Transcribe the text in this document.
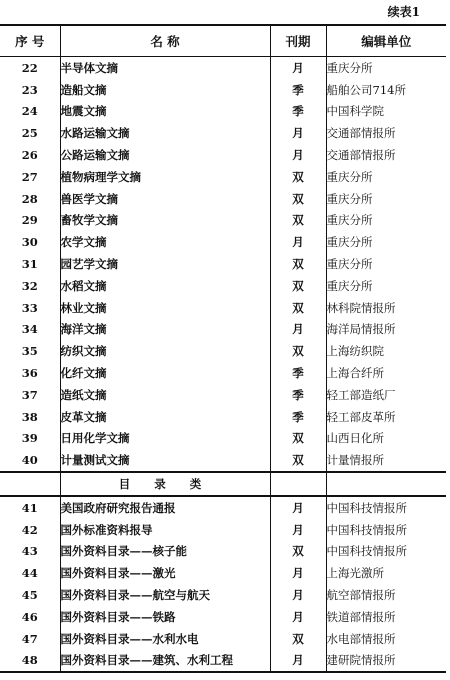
续表1
序 号	名 称	刊期	编辑单位
22	半导体文摘	月	重庆分所
23	造船文摘	季	船舶公司714所
24	地震文摘	季	中国科学院
25	水路运输文摘	月	交通部情报所
26	公路运输文摘	月	交通部情报所
27	植物病理学文摘	双	重庆分所
28	兽医学文摘	双	重庆分所
29	畜牧学文摘	双	重庆分所
30	农学文摘	月	重庆分所
31	园艺学文摘	双	重庆分所
32	水稻文摘	双	重庆分所
33	林业文摘	双	林科院情报所
34	海洋文摘	月	海洋局情报所
35	纺织文摘	双	上海纺织院
36	化纤文摘	季	上海合纤所
37	造纸文摘	季	轻工部造纸厂
38	皮革文摘	季	轻工部皮革所
39	日用化学文摘	双	山西日化所
40	计量测试文摘	双	计量情报所
	目 录 类		
41	美国政府研究报告通报	月	中国科技情报所
42	国外标准资料报导	月	中国科技情报所
43	国外资料目录——核子能	双	中国科技情报所
44	国外资料目录——激光	月	上海光激所
45	国外资料目录——航空与航天	月	航空部情报所
46	国外资料目录——铁路	月	铁道部情报所
47	国外资料目录——水利水电	双	水电部情报所
48	国外资料目录——建筑、水利工程	月	建研院情报所
